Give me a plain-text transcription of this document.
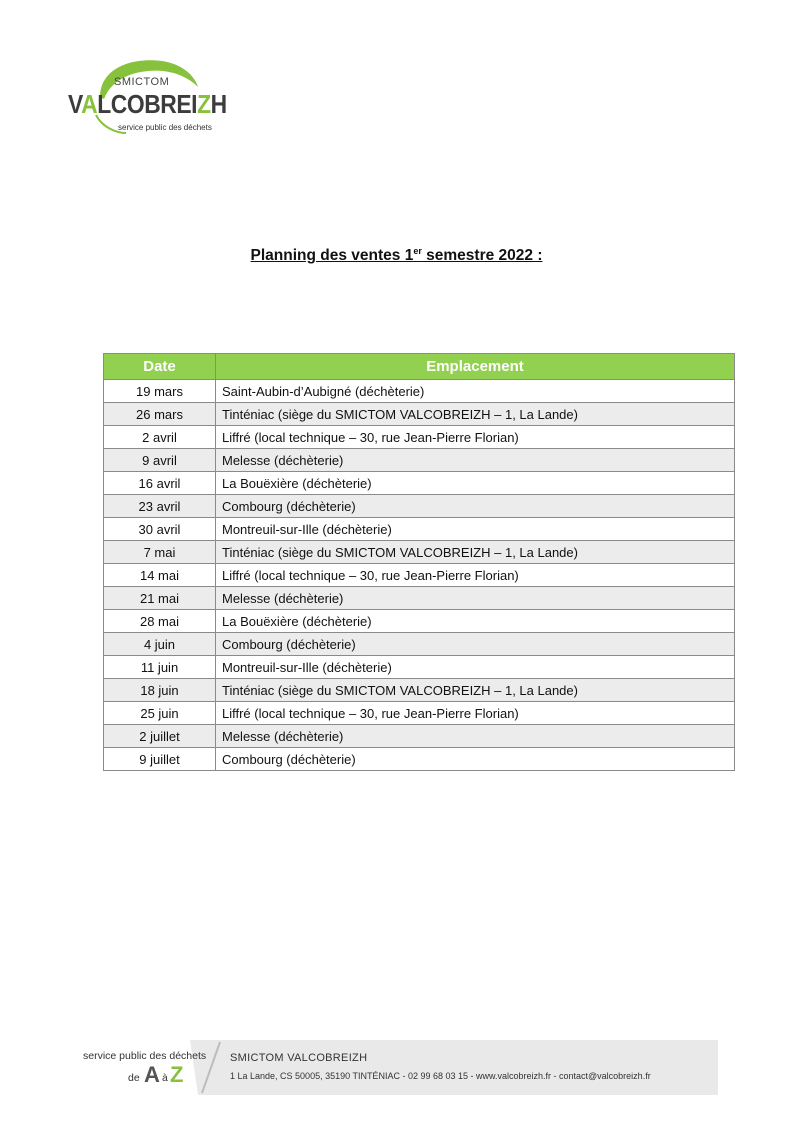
SMICTOM
VALCOBREIZH
service public des déchets
Planning des ventes 1er semestre 2022 :
Date	Emplacement
19 mars	Saint-Aubin-d’Aubigné (déchèterie)
26 mars	Tinténiac (siège du SMICTOM VALCOBREIZH – 1, La Lande)
2 avril	Liffré (local technique – 30, rue Jean-Pierre Florian)
9 avril	Melesse (déchèterie)
16 avril	La Bouëxière (déchèterie)
23 avril	Combourg (déchèterie)
30 avril	Montreuil-sur-Ille (déchèterie)
7 mai	Tinténiac (siège du SMICTOM VALCOBREIZH – 1, La Lande)
14 mai	Liffré (local technique – 30, rue Jean-Pierre Florian)
21 mai	Melesse (déchèterie)
28 mai	La Bouëxière (déchèterie)
4 juin	Combourg (déchèterie)
11 juin	Montreuil-sur-Ille (déchèterie)
18 juin	Tinténiac (siège du SMICTOM VALCOBREIZH – 1, La Lande)
25 juin	Liffré (local technique – 30, rue Jean-Pierre Florian)
2 juillet	Melesse (déchèterie)
9 juillet	Combourg (déchèterie)
service public des déchets
de A à Z
SMICTOM VALCOBREIZH
1 La Lande, CS 50005, 35190 TINTÉNIAC - 02 99 68 03 15 - www.valcobreizh.fr - contact@valcobreizh.fr
